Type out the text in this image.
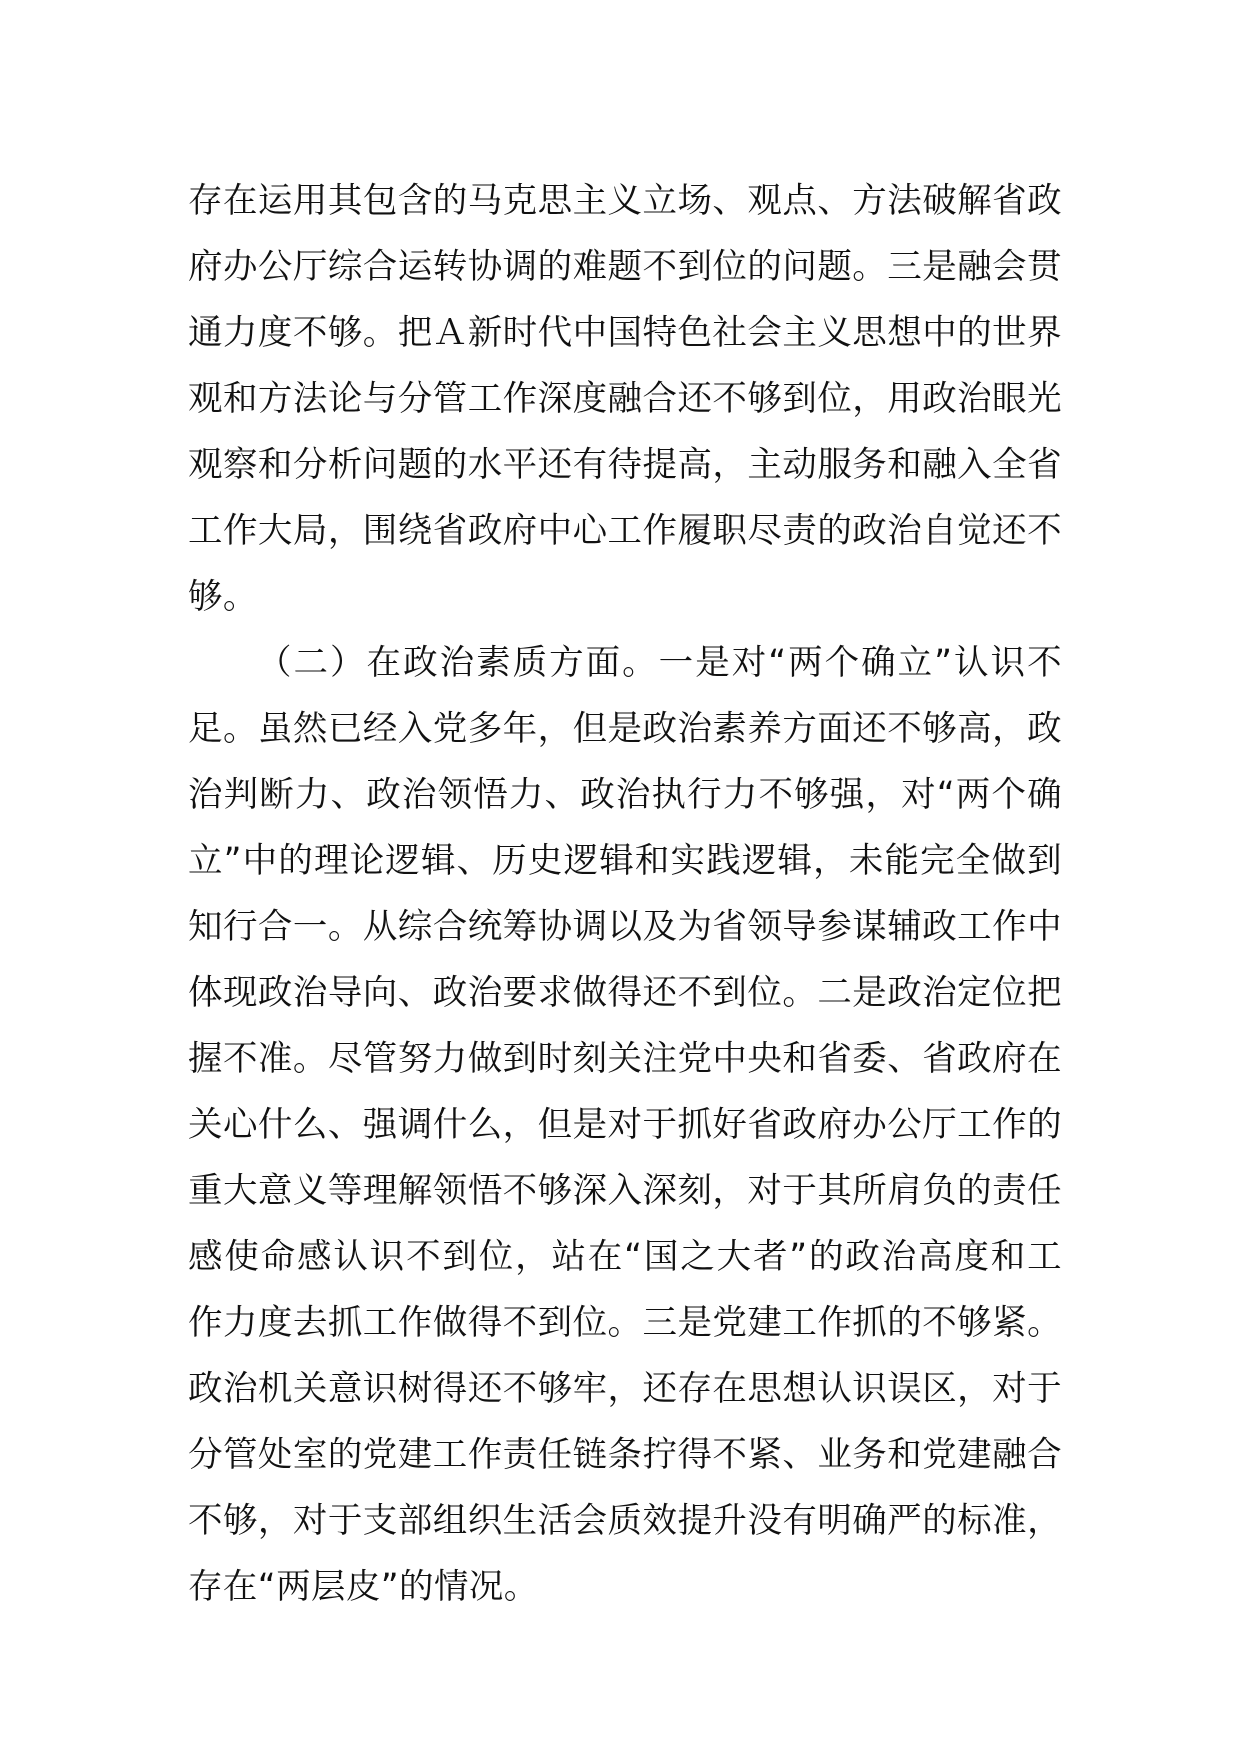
存在运用其包含的马克思主义立场、观点、方法破解省政府办公厅综合运转协调的难题不到位的问题。三是融会贯通力度不够。把Ａ新时代中国特色社会主义思想中的世界观和方法论与分管工作深度融合还不够到位，用政治眼光观察和分析问题的水平还有待提高，主动服务和融入全省工作大局，围绕省政府中心工作履职尽责的政治自觉还不够。

（二）在政治素质方面。一是对“两个确立”认识不足。虽然已经入党多年，但是政治素养方面还不够高，政治判断力、政治领悟力、政治执行力不够强，对“两个确立”中的理论逻辑、历史逻辑和实践逻辑，未能完全做到知行合一。从综合统筹协调以及为省领导参谋辅政工作中体现政治导向、政治要求做得还不到位。二是政治定位把握不准。尽管努力做到时刻关注党中央和省委、省政府在关心什么、强调什么，但是对于抓好省政府办公厅工作的重大意义等理解领悟不够深入深刻，对于其所肩负的责任感使命感认识不到位，站在“国之大者”的政治高度和工作力度去抓工作做得不到位。三是党建工作抓的不够紧。政治机关意识树得还不够牢，还存在思想认识误区，对于分管处室的党建工作责任链条拧得不紧、业务和党建融合不够，对于支部组织生活会质效提升没有明确严的标准，存在“两层皮”的情况。
